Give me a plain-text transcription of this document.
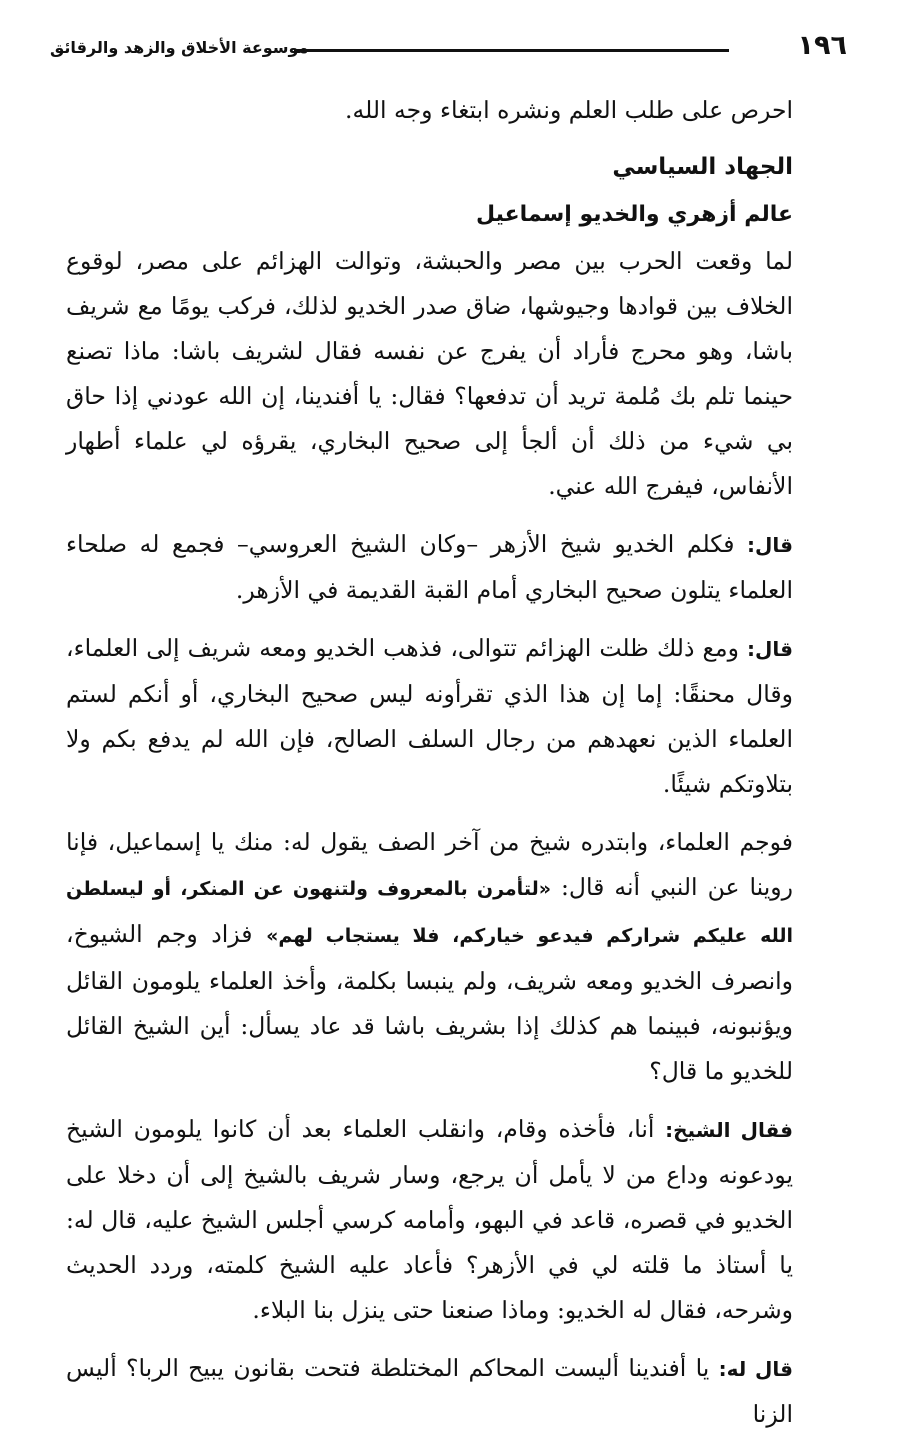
١٩٦
موسوعة الأخلاق والزهد والرقائق

احرص على طلب العلم ونشره ابتغاء وجه الله.

الجهاد السياسي
عالم أزهري والخديو إسماعيل

لما وقعت الحرب بين مصر والحبشة، وتوالت الهزائم على مصر، لوقوع الخلاف بين قوادها وجيوشها، ضاق صدر الخديو لذلك، فركب يومًا مع شريف باشا، وهو محرج فأراد أن يفرج عن نفسه فقال لشريف باشا: ماذا تصنع حينما تلم بك مُلمة تريد أن تدفعها؟ فقال: يا أفندينا، إن الله عودني إذا حاق بي شيء من ذلك أن ألجأ إلى صحيح البخاري، يقرؤه لي علماء أطهار الأنفاس، فيفرج الله عني.

قال: فكلم الخديو شيخ الأزهر –وكان الشيخ العروسي– فجمع له صلحاء العلماء يتلون صحيح البخاري أمام القبة القديمة في الأزهر.

قال: ومع ذلك ظلت الهزائم تتوالى، فذهب الخديو ومعه شريف إلى العلماء، وقال محنقًا: إما إن هذا الذي تقرأونه ليس صحيح البخاري، أو أنكم لستم العلماء الذين نعهدهم من رجال السلف الصالح، فإن الله لم يدفع بكم ولا بتلاوتكم شيئًا.

فوجم العلماء، وابتدره شيخ من آخر الصف يقول له: منك يا إسماعيل، فإنا روينا عن النبي أنه قال: «لتأمرن بالمعروف ولتنهون عن المنكر، أو ليسلطن الله عليكم شراركم فيدعو خياركم، فلا يستجاب لهم» فزاد وجم الشيوخ، وانصرف الخديو ومعه شريف، ولم ينبسا بكلمة، وأخذ العلماء يلومون القائل ويؤنبونه، فبينما هم كذلك إذا بشريف باشا قد عاد يسأل: أين الشيخ القائل للخديو ما قال؟

فقال الشيخ: أنا، فأخذه وقام، وانقلب العلماء بعد أن كانوا يلومون الشيخ يودعونه وداع من لا يأمل أن يرجع، وسار شريف بالشيخ إلى أن دخلا على الخديو في قصره، قاعد في البهو، وأمامه كرسي أجلس الشيخ عليه، قال له: يا أستاذ ما قلته لي في الأزهر؟ فأعاد عليه الشيخ كلمته، وردد الحديث وشرحه، فقال له الخديو: وماذا صنعنا حتى ينزل بنا البلاء.

قال له: يا أفندينا أليست المحاكم المختلطة فتحت بقانون يبيح الربا؟ أليس الزنا
